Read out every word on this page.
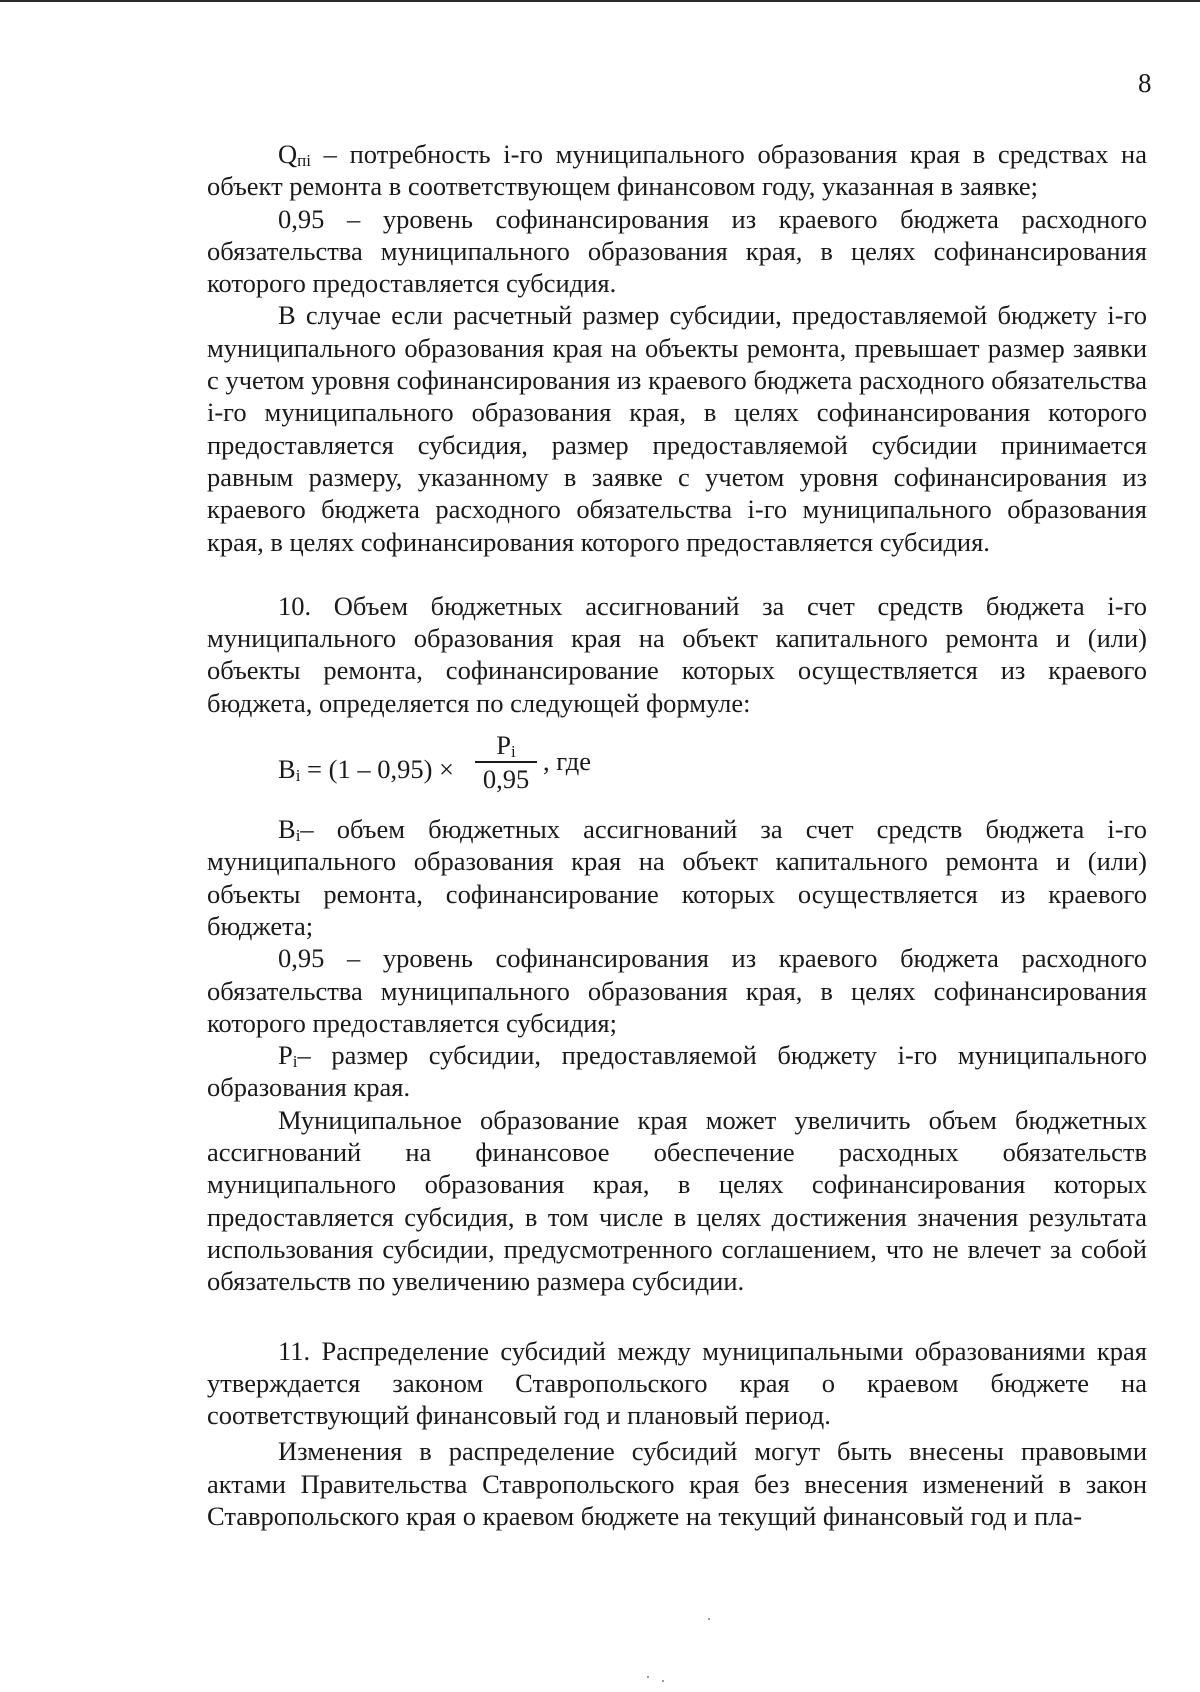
8

$Q_{пi}$ – потребность i-го муниципального образования края в средствах на объект ремонта в соответствующем финансовом году, указанная в заявке;

0,95 – уровень софинансирования из краевого бюджета расходного обязательства муниципального образования края, в целях софинансирования которого предоставляется субсидия.

В случае если расчетный размер субсидии, предоставляемой бюджету i-го муниципального образования края на объекты ремонта, превышает размер заявки с учетом уровня софинансирования из краевого бюджета расходного обязательства i-го муниципального образования края, в целях софинансирования которого предоставляется субсидия, размер предоставляемой субсидии принимается равным размеру, указанному в заявке с учетом уровня софинансирования из краевого бюджета расходного обязательства i-го муниципального образования края, в целях софинансирования которого предоставляется субсидия.

10. Объем бюджетных ассигнований за счет средств бюджета i-го муниципального образования края на объект капитального ремонта и (или) объекты ремонта, софинансирование которых осуществляется из краевого бюджета, определяется по следующей формуле:

$B_i = (1 - 0,95)$ ×
$P_i$
0,95
, где

$B_i-$ объем бюджетных ассигнований за счет средств бюджета i-го муниципального образования края на объект капитального ремонта и (или) объекты ремонта, софинансирование которых осуществляется из краевого бюджета;

0,95 – уровень софинансирования из краевого бюджета расходного обязательства муниципального образования края, в целях софинансирования которого предоставляется субсидия;

$P_i-$ размер субсидии, предоставляемой бюджету i-го муниципального образования края.

Муниципальное образование края может увеличить объем бюджетных ассигнований на финансовое обеспечение расходных обязательств муниципального образования края, в целях софинансирования которых предоставляется субсидия, в том числе в целях достижения значения результата использования субсидии, предусмотренного соглашением, что не влечет за собой обязательств по увеличению размера субсидии.

11. Распределение субсидий между муниципальными образованиями края утверждается законом Ставропольского края о краевом бюджете на соответствующий финансовый год и плановый период.

Изменения в распределение субсидий могут быть внесены правовыми актами Правительства Ставропольского края без внесения изменений в закон Ставропольского края о краевом бюджете на текущий финансовый год и пла-
